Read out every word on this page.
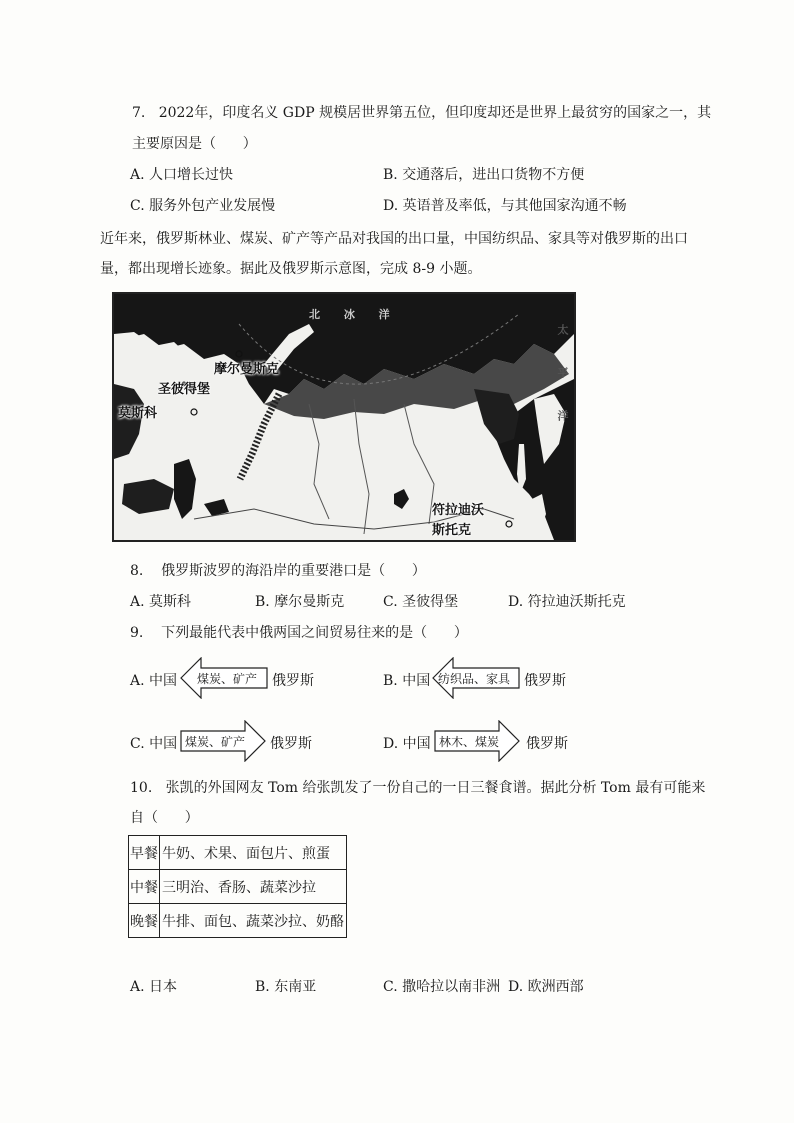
7.   2022年，印度名义 GDP 规模居世界第五位，但印度却还是世界上最贫穷的国家之一，其
主要原因是（      ）
A. 人口增长过快	B. 交通落后，进出口货物不方便
C. 服务外包产业发展慢	D. 英语普及率低，与其他国家沟通不畅
近年来，俄罗斯林业、煤炭、矿产等产品对我国的出口量，中国纺织品、家具等对俄罗斯的出口
量，都出现增长迹象。据此及俄罗斯示意图，完成 8-9 小题。
北 冰 洋
太 平 洋
摩尔曼斯克
圣彼得堡
莫斯科
符拉迪沃
斯托克
8.    俄罗斯波罗的海沿岸的重要港口是（      ）
A. 莫斯科	B. 摩尔曼斯克	C. 圣彼得堡	D. 符拉迪沃斯托克
9.    下列最能代表中俄两国之间贸易往来的是（      ）
A. 中国 煤炭、矿产 俄罗斯	B. 中国 纺织品、家具 俄罗斯
C. 中国 煤炭、矿产 俄罗斯	D. 中国 林木、煤炭 俄罗斯
10.   张凯的外国网友 Tom 给张凯发了一份自己的一日三餐食谱。据此分析 Tom 最有可能来
自（      ）
早餐	牛奶、术果、面包片、煎蛋
中餐	三明治、香肠、蔬菜沙拉
晚餐	牛排、面包、蔬菜沙拉、奶酪
A. 日本	B. 东南亚	C. 撒哈拉以南非洲 D. 欧洲西部
